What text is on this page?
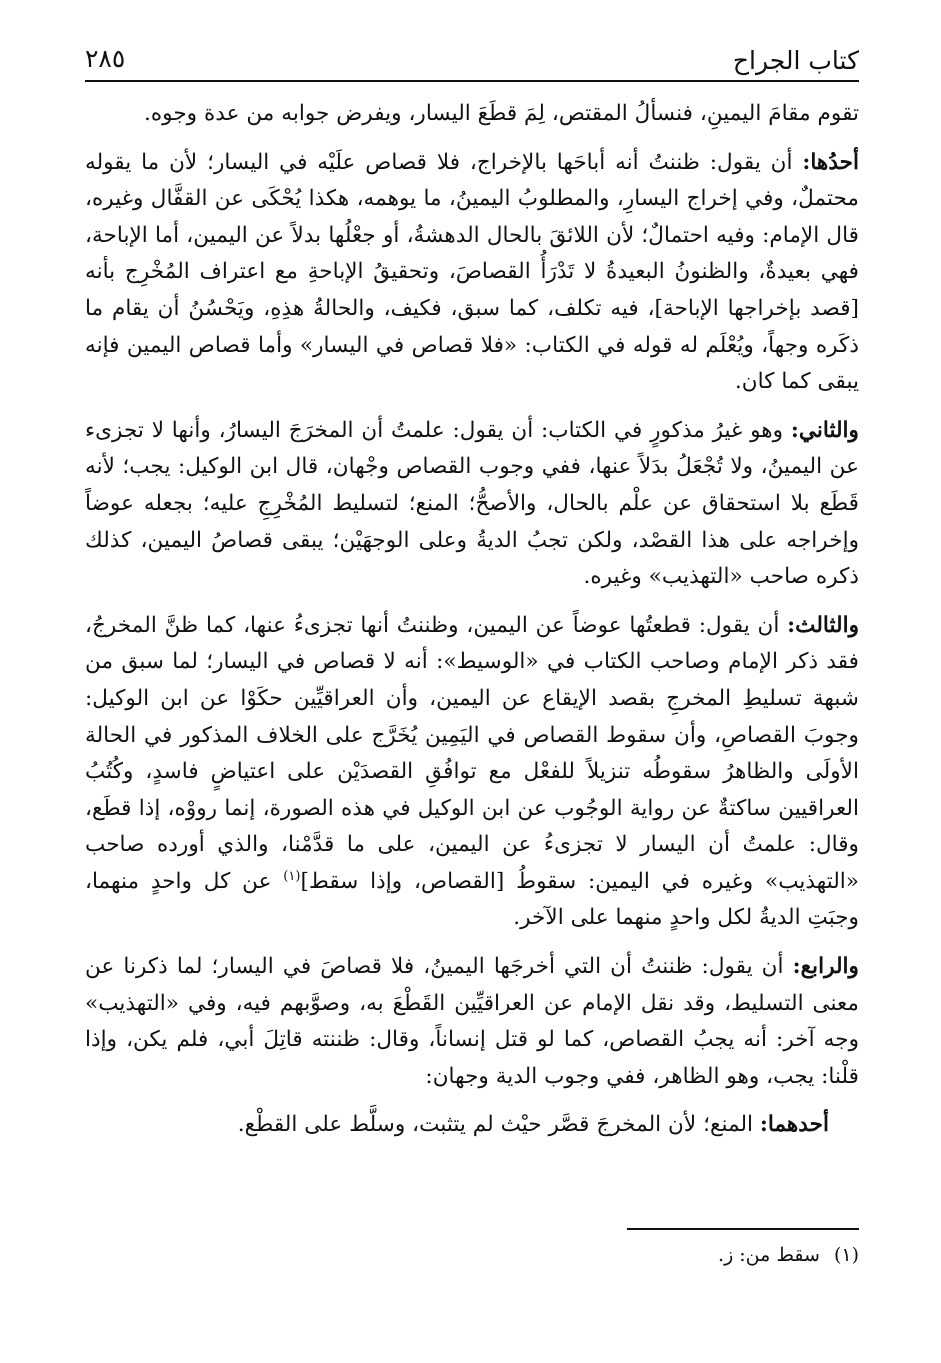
كتاب الجراح
٢٨٥

تقوم مقامَ اليمينِ، فنسألُ المقتص، لِمَ قطَعَ اليسار، ويفرض جوابه من عدة وجوه.

أحدُها: أن يقول: ظننتُ أنه أباحَها بالإخراج، فلا قصاص علَيْه في اليسار؛ لأن ما يقوله محتملٌ، وفي إخراج اليسارِ، والمطلوبُ اليمينُ، ما يوهمه، هكذا يُحْكَى عن القفَّال وغيره، قال الإمام: وفيه احتمالٌ؛ لأن اللائقَ بالحال الدهشةُ، أو جعْلُها بدلاً عن اليمين، أما الإباحة، فهي بعيدةٌ، والظنونُ البعيدةُ لا تَدْرَأُ القصاصَ، وتحقيقُ الإباحةِ مع اعتراف المُخْرِج بأنه [قصد بإخراجها الإباحة]، فيه تكلف، كما سبق، فكيف، والحالةُ هذِهِ، ويَحْسُنُ أن يقام ما ذكَره وجهاً، ويُعْلَم له قوله في الكتاب: «فلا قصاص في اليسار» وأما قصاص اليمين فإنه يبقى كما كان.

والثاني: وهو غيرُ مذكورٍ في الكتاب: أن يقول: علمتُ أن المخرَجَ اليسارُ، وأنها لا تجزىء عن اليمينُ، ولا تُجْعَلُ بدَلاً عنها، ففي وجوب القصاص وجْهان، قال ابن الوكيل: يجب؛ لأنه قَطَع بلا استحقاق عن علْم بالحال، والأصحُّ؛ المنع؛ لتسليط المُخْرِجِ عليه؛ بجعله عوضاً وإخراجه على هذا القصْد، ولكن تجبُ الديةُ وعلى الوجهَيْن؛ يبقى قصاصُ اليمين، كذلك ذكره صاحب «التهذيب» وغيره.

والثالث: أن يقول: قطعتُها عوضاً عن اليمين، وظننتُ أنها تجزىءُ عنها، كما ظنَّ المخرجُ، فقد ذكر الإمام وصاحب الكتاب في «الوسيط»: أنه لا قصاص في اليسار؛ لما سبق من شبهة تسليطِ المخرجِ بقصد الإيقاع عن اليمين، وأن العراقيِّين حكَوْا عن ابن الوكيل: وجوبَ القصاصِ، وأن سقوط القصاص في اليَمِين يُخَرَّج على الخلاف المذكور في الحالة الأولَى والظاهرُ سقوطُه تنزيلاً للفعْل مع توافُقِ القصدَيْن على اعتياضٍ فاسدٍ، وكُتُبُ العراقيين ساكتةٌ عن رواية الوجُوب عن ابن الوكيل في هذه الصورة، إنما رووْه، إذا قطَع، وقال: علمتُ أن اليسار لا تجزىءُ عن اليمين، على ما قدَّمْنا، والذي أورده صاحب «التهذيب» وغيره في اليمين: سقوطُ [القصاص، وإذا سقط]$^{(١)}$ عن كل واحدٍ منهما، وجبَتِ الديةُ لكل واحدٍ منهما على الآخر.

والرابع: أن يقول: ظننتُ أن التي أخرجَها اليمينُ، فلا قصاصَ في اليسار؛ لما ذكرنا عن معنى التسليط، وقد نقل الإمام عن العراقيِّين القَطْعَ به، وصوَّبهم فيه، وفي «التهذيب» وجه آخر: أنه يجبُ القصاص، كما لو قتل إنساناً، وقال: ظننته قاتِلَ أبي، فلم يكن، وإذا قلْنا: يجب، وهو الظاهر، ففي وجوب الدية وجهان:

أحدهما: المنع؛ لأن المخرجَ قصَّر حيْث لم يتثبت، وسلَّط على القطْع.

(١)سقط من: ز.
